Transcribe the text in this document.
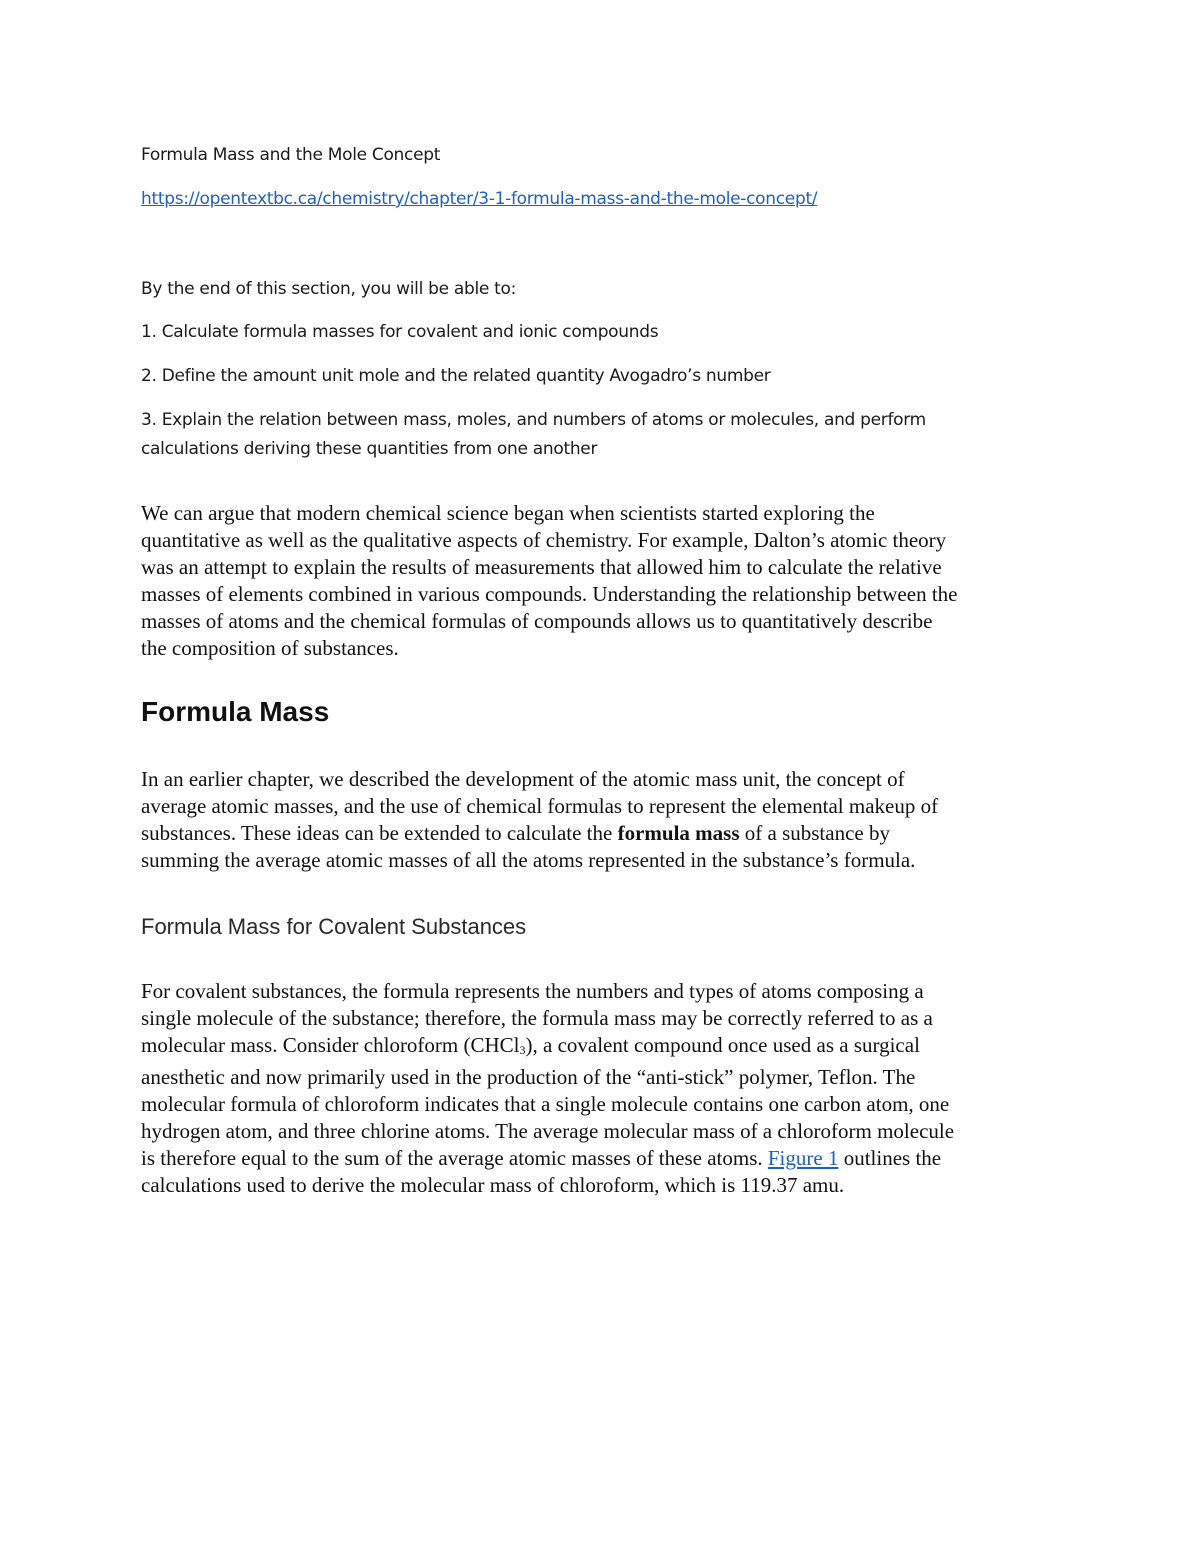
Formula Mass and the Mole Concept

https://opentextbc.ca/chemistry/chapter/3-1-formula-mass-and-the-mole-concept/

By the end of this section, you will be able to:

1. Calculate formula masses for covalent and ionic compounds

2. Define the amount unit mole and the related quantity Avogadro’s number

3. Explain the relation between mass, moles, and numbers of atoms or molecules, and perform

calculations deriving these quantities from one another

We can argue that modern chemical science began when scientists started exploring the
quantitative as well as the qualitative aspects of chemistry. For example, Dalton’s atomic theory
was an attempt to explain the results of measurements that allowed him to calculate the relative
masses of elements combined in various compounds. Understanding the relationship between the
masses of atoms and the chemical formulas of compounds allows us to quantitatively describe
the composition of substances.
Formula Mass
In an earlier chapter, we described the development of the atomic mass unit, the concept of
average atomic masses, and the use of chemical formulas to represent the elemental makeup of
substances. These ideas can be extended to calculate the formula mass of a substance by
summing the average atomic masses of all the atoms represented in the substance’s formula.
Formula Mass for Covalent Substances
For covalent substances, the formula represents the numbers and types of atoms composing a
single molecule of the substance; therefore, the formula mass may be correctly referred to as a
molecular mass. Consider chloroform (CHCl$_3$), a covalent compound once used as a surgical
anesthetic and now primarily used in the production of the “anti-stick” polymer, Teflon. The
molecular formula of chloroform indicates that a single molecule contains one carbon atom, one
hydrogen atom, and three chlorine atoms. The average molecular mass of a chloroform molecule
is therefore equal to the sum of the average atomic masses of these atoms. Figure 1 outlines the
calculations used to derive the molecular mass of chloroform, which is 119.37 amu.
